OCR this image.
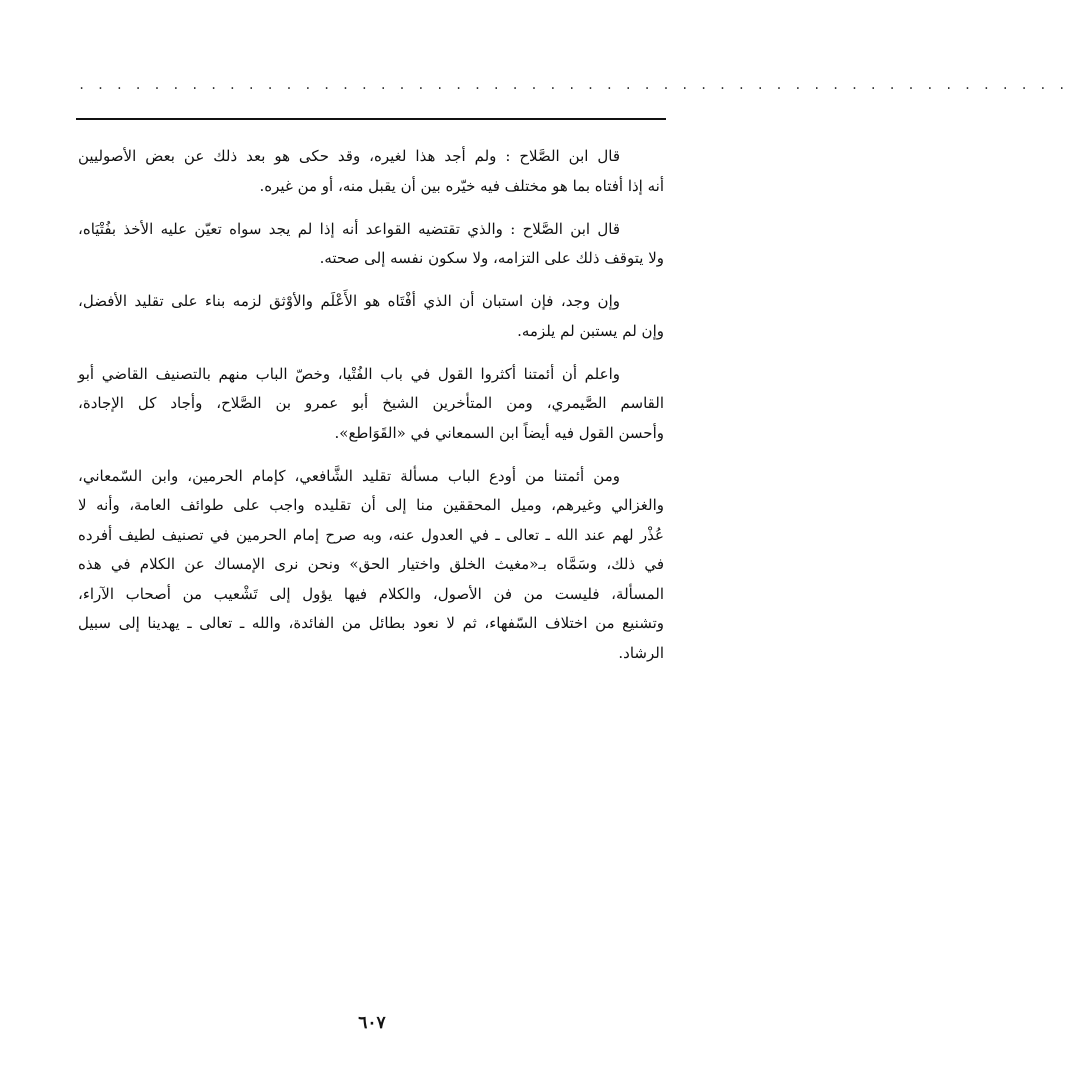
. . . . . . . . . . . . . . . . . . . . . . . . . . . . . . . . . . . . . . . . . . . . . . . . . . . . .

قال ابن الصَّلاح : ولم أجد هذا لغيره، وقد حكى هو بعد ذلك عن بعض الأصوليين
أنه إذا أفتاه بما هو مختلف فيه خيّره بين أن يقبل منه، أو من غيره.

قال ابن الصَّلاح : والذي تقتضيه القواعد أنه إذا لم يجد سواه تعيّن عليه الأخذ بفُتْيَاه،
ولا يتوقف ذلك على التزامه، ولا سكون نفسه إلى صحته.

وإن وجد، فإن استبان أن الذي أفْتَاه هو الأَعْلَم والأوْثق لزمه بناء على تقليد الأفضل،
وإن لم يستبن لم يلزمه.

واعلم أن أئمتنا أكثروا القول في باب الفُتْيا، وخصّ الباب منهم بالتصنيف القاضي أبو
القاسم الصَّيمري، ومن المتأخرين الشيخ أبو عمرو بن الصَّلاح، وأجاد كل الإجادة،
وأحسن القول فيه أيضاً ابن السمعاني في «القَوَاطع».

ومن أئمتنا من أودع الباب مسألة تقليد الشَّافعي، كإمام الحرمين، وابن السّمعاني،
والغزالي وغيرهم، وميل المحققين منا إلى أن تقليده واجب على طوائف العامة، وأنه لا
عُذْر لهم عند الله ـ تعالى ـ في العدول عنه، وبه صرح إمام الحرمين في تصنيف لطيف أفرده
في ذلك، وسَمَّاه بـ«مغيث الخلق واختيار الحق» ونحن نرى الإمساك عن الكلام في هذه
المسألة، فليست من فن الأصول، والكلام فيها يؤول إلى تَشْعيب من أصحاب الآراء،
وتشنيع من اختلاف السّفهاء، ثم لا نعود بطائل من الفائدة، والله ـ تعالى ـ يهدينا إلى سبيل
الرشاد.

٦٠٧
